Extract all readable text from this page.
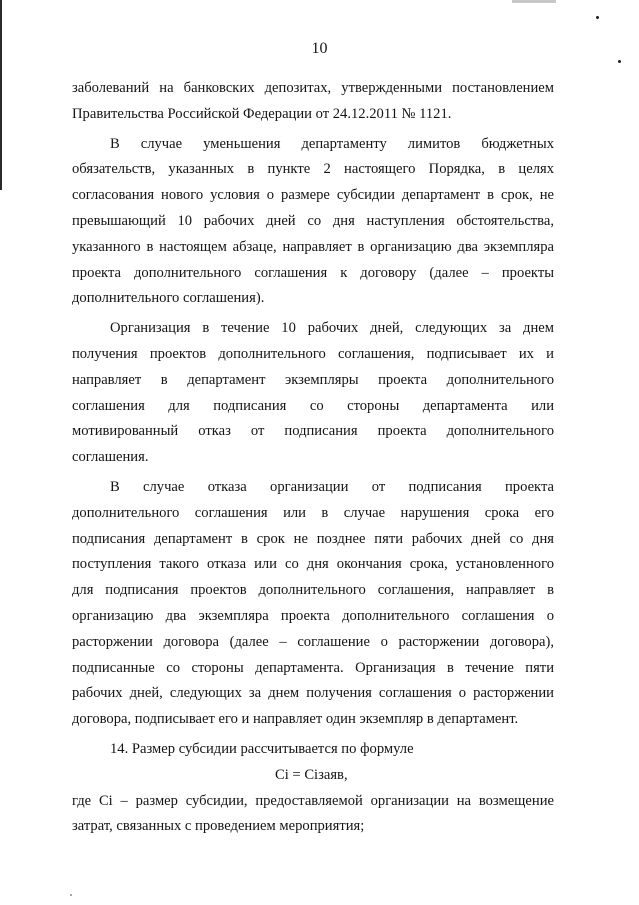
10
заболеваний на банковских депозитах, утвержденными постановлением
Правительства Российской Федерации от 24.12.2011 № 1121.
В случае уменьшения департаменту лимитов бюджетных
обязательств, указанных в пункте 2 настоящего Порядка, в целях
согласования нового условия о размере субсидии департамент в срок, не
превышающий 10 рабочих дней со дня наступления обстоятельства,
указанного в настоящем абзаце, направляет в организацию два экземпляра
проекта дополнительного соглашения к договору (далее – проекты
дополнительного соглашения).
Организация в течение 10 рабочих дней, следующих за днем
получения проектов дополнительного соглашения, подписывает их и
направляет в департамент экземпляры проекта дополнительного
соглашения для подписания со стороны департамента или
мотивированный отказ от подписания проекта дополнительного
соглашения.
В случае отказа организации от подписания проекта
дополнительного соглашения или в случае нарушения срока его
подписания департамент в срок не позднее пяти рабочих дней со дня
поступления такого отказа или со дня окончания срока, установленного
для подписания проектов дополнительного соглашения, направляет в
организацию два экземпляра проекта дополнительного соглашения о
расторжении договора (далее – соглашение о расторжении договора),
подписанные со стороны департамента. Организация в течение пяти
рабочих дней, следующих за днем получения соглашения о расторжении
договора, подписывает его и направляет один экземпляр в департамент.
14. Размер субсидии рассчитывается по формуле
Ci = Ciзаяв,
где Ci – размер субсидии, предоставляемой организации на возмещение
затрат, связанных с проведением мероприятия;
